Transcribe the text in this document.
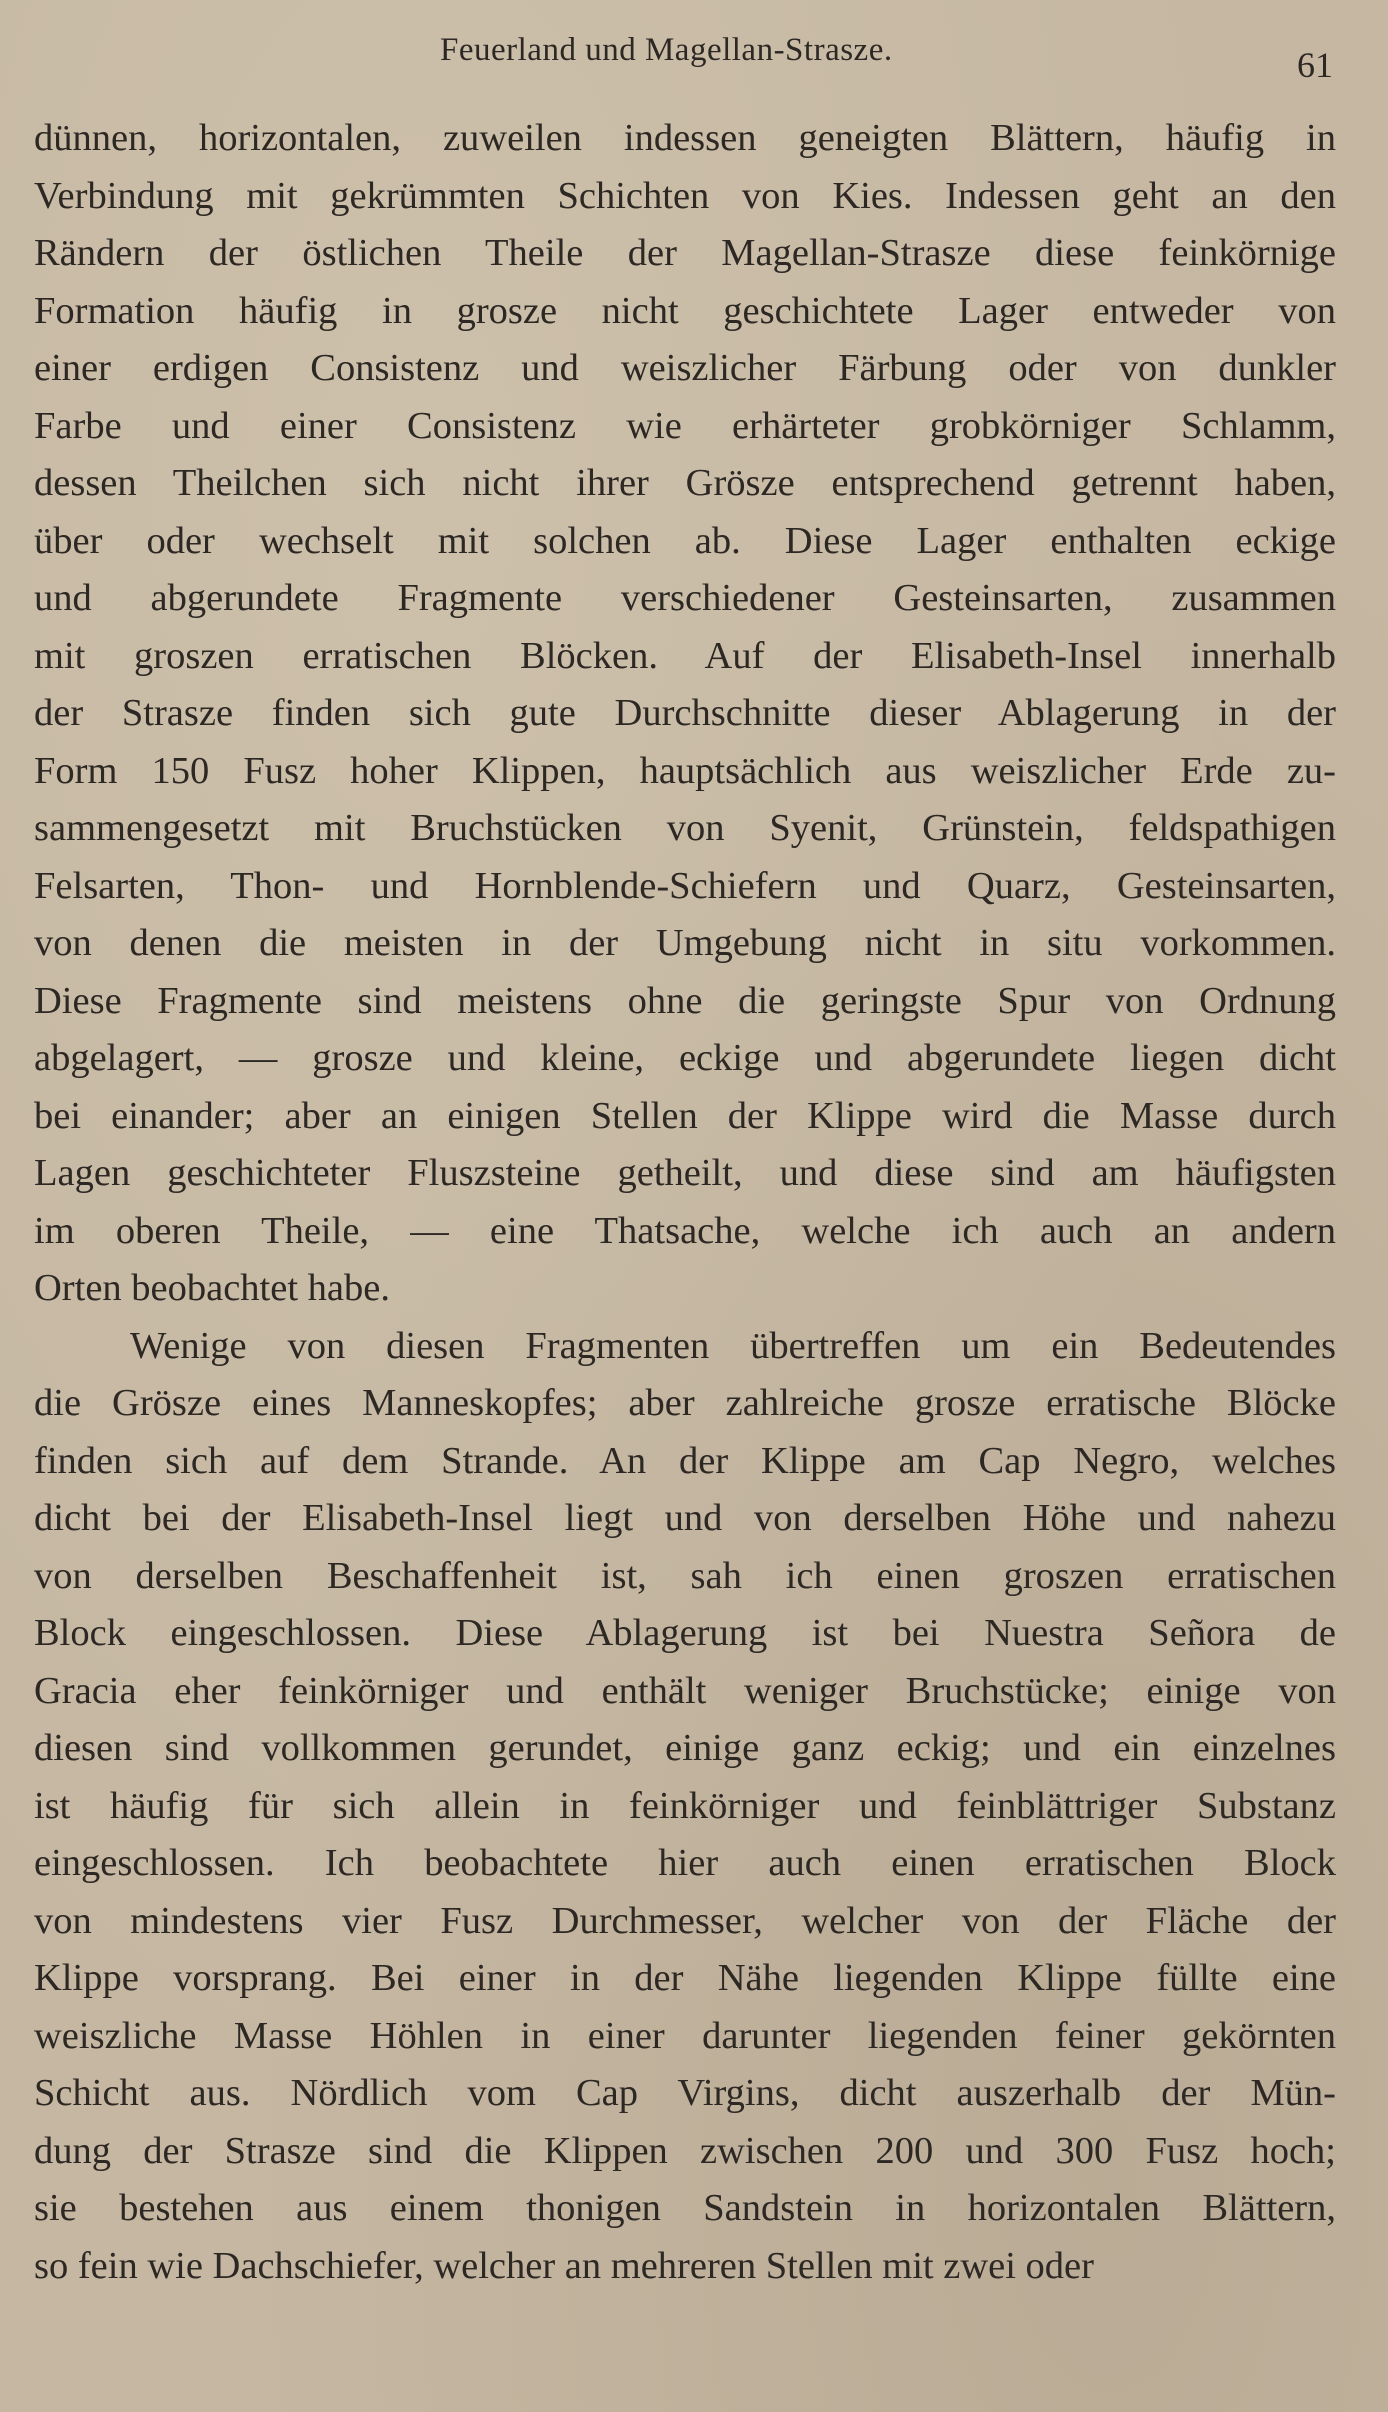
Feuerland und Magellan-Strasze.	61
dünnen, horizontalen, zuweilen indessen geneigten Blättern, häufig in
Verbindung mit gekrümmten Schichten von Kies. Indessen geht an den
Rändern der östlichen Theile der Magellan-Strasze diese feinkörnige
Formation häufig in grosze nicht geschichtete Lager entweder von
einer erdigen Consistenz und weiszlicher Färbung oder von dunkler
Farbe und einer Consistenz wie erhärteter grobkörniger Schlamm,
dessen Theilchen sich nicht ihrer Grösze entsprechend getrennt haben,
über oder wechselt mit solchen ab. Diese Lager enthalten eckige
und abgerundete Fragmente verschiedener Gesteinsarten, zusammen
mit groszen erratischen Blöcken. Auf der Elisabeth-Insel innerhalb
der Strasze finden sich gute Durchschnitte dieser Ablagerung in der
Form 150 Fusz hoher Klippen, hauptsächlich aus weiszlicher Erde zu-
sammengesetzt mit Bruchstücken von Syenit, Grünstein, feldspathigen
Felsarten, Thon- und Hornblende-Schiefern und Quarz, Gesteinsarten,
von denen die meisten in der Umgebung nicht in situ vorkommen.
Diese Fragmente sind meistens ohne die geringste Spur von Ordnung
abgelagert, — grosze und kleine, eckige und abgerundete liegen dicht
bei einander; aber an einigen Stellen der Klippe wird die Masse durch
Lagen geschichteter Fluszsteine getheilt, und diese sind am häufigsten
im oberen Theile, — eine Thatsache, welche ich auch an andern
Orten beobachtet habe.
Wenige von diesen Fragmenten übertreffen um ein Bedeutendes
die Grösze eines Manneskopfes; aber zahlreiche grosze erratische Blöcke
finden sich auf dem Strande. An der Klippe am Cap Negro, welches
dicht bei der Elisabeth-Insel liegt und von derselben Höhe und nahezu
von derselben Beschaffenheit ist, sah ich einen groszen erratischen
Block eingeschlossen. Diese Ablagerung ist bei Nuestra Señora de
Gracia eher feinkörniger und enthält weniger Bruchstücke; einige von
diesen sind vollkommen gerundet, einige ganz eckig; und ein einzelnes
ist häufig für sich allein in feinkörniger und feinblättriger Substanz
eingeschlossen. Ich beobachtete hier auch einen erratischen Block
von mindestens vier Fusz Durchmesser, welcher von der Fläche der
Klippe vorsprang. Bei einer in der Nähe liegenden Klippe füllte eine
weiszliche Masse Höhlen in einer darunter liegenden feiner gekörnten
Schicht aus. Nördlich vom Cap Virgins, dicht auszerhalb der Mün-
dung der Strasze sind die Klippen zwischen 200 und 300 Fusz hoch;
sie bestehen aus einem thonigen Sandstein in horizontalen Blättern,
so fein wie Dachschiefer, welcher an mehreren Stellen mit zwei oder
